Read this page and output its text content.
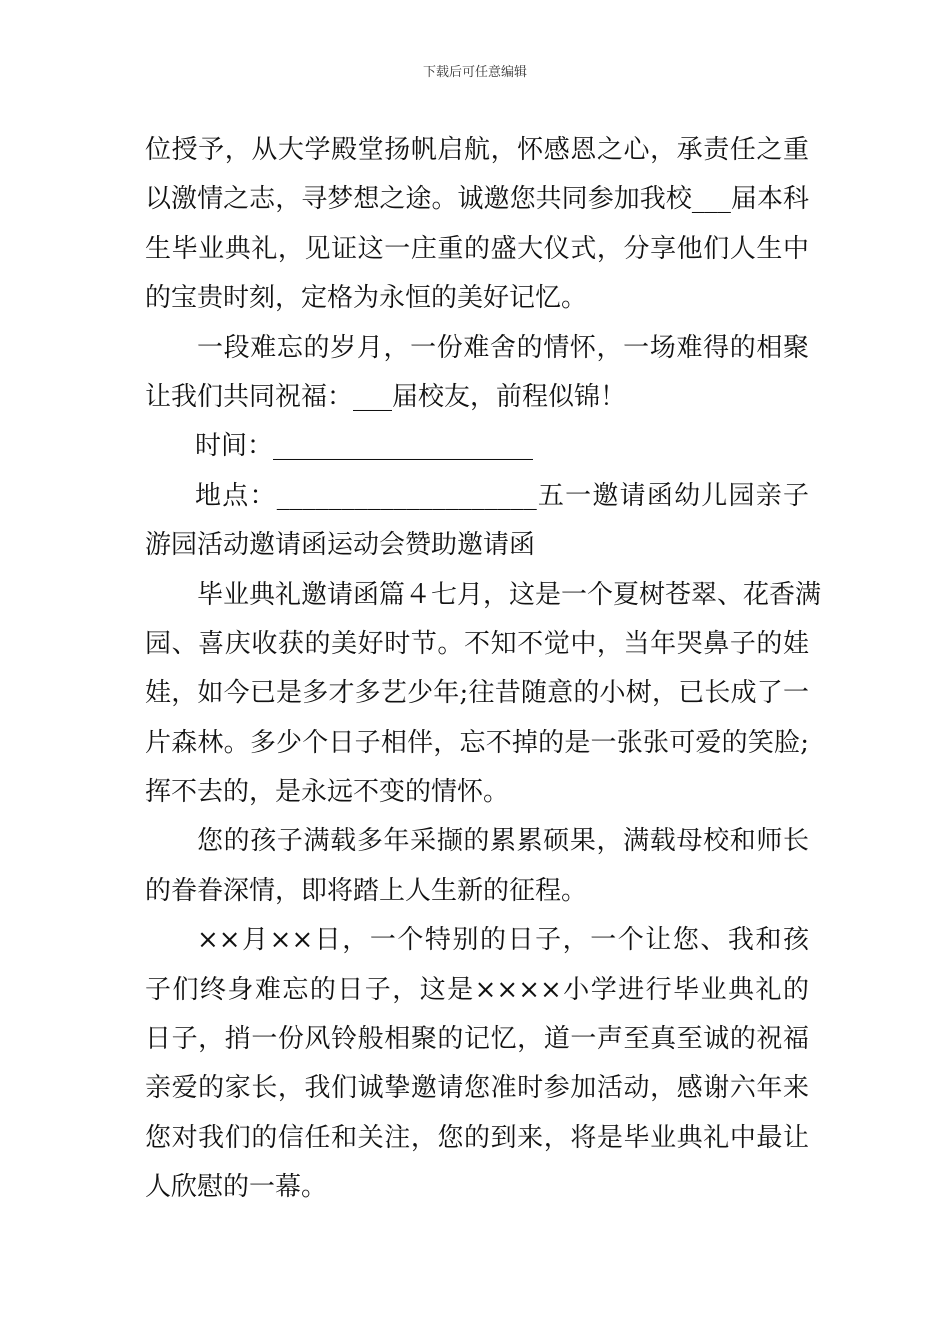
下载后可任意编辑
位授予，从大学殿堂扬帆启航，怀感恩之心，承责任之重
以激情之志，寻梦想之途。诚邀您共同参加我校___届本科
生毕业典礼，见证这一庄重的盛大仪式，分享他们人生中
的宝贵时刻，定格为永恒的美好记忆。
一段难忘的岁月，一份难舍的情怀，一场难得的相聚
让我们共同祝福：___届校友，前程似锦！
时间：____________________
地点：____________________五一邀请函幼儿园亲子
游园活动邀请函运动会赞助邀请函
毕业典礼邀请函篇４七月，这是一个夏树苍翠、花香满
园、喜庆收获的美好时节。不知不觉中，当年哭鼻子的娃
娃，如今已是多才多艺少年;往昔随意的小树，已长成了一
片森林。多少个日子相伴，忘不掉的是一张张可爱的笑脸;
挥不去的，是永远不变的情怀。
您的孩子满载多年采撷的累累硕果，满载母校和师长
的眷眷深情，即将踏上人生新的征程。
××月××日，一个特别的日子，一个让您、我和孩
子们终身难忘的日子，这是××××小学进行毕业典礼的
日子，捎一份风铃般相聚的记忆，道一声至真至诚的祝福
亲爱的家长，我们诚挚邀请您准时参加活动，感谢六年来
您对我们的信任和关注，您的到来，将是毕业典礼中最让
人欣慰的一幕。
